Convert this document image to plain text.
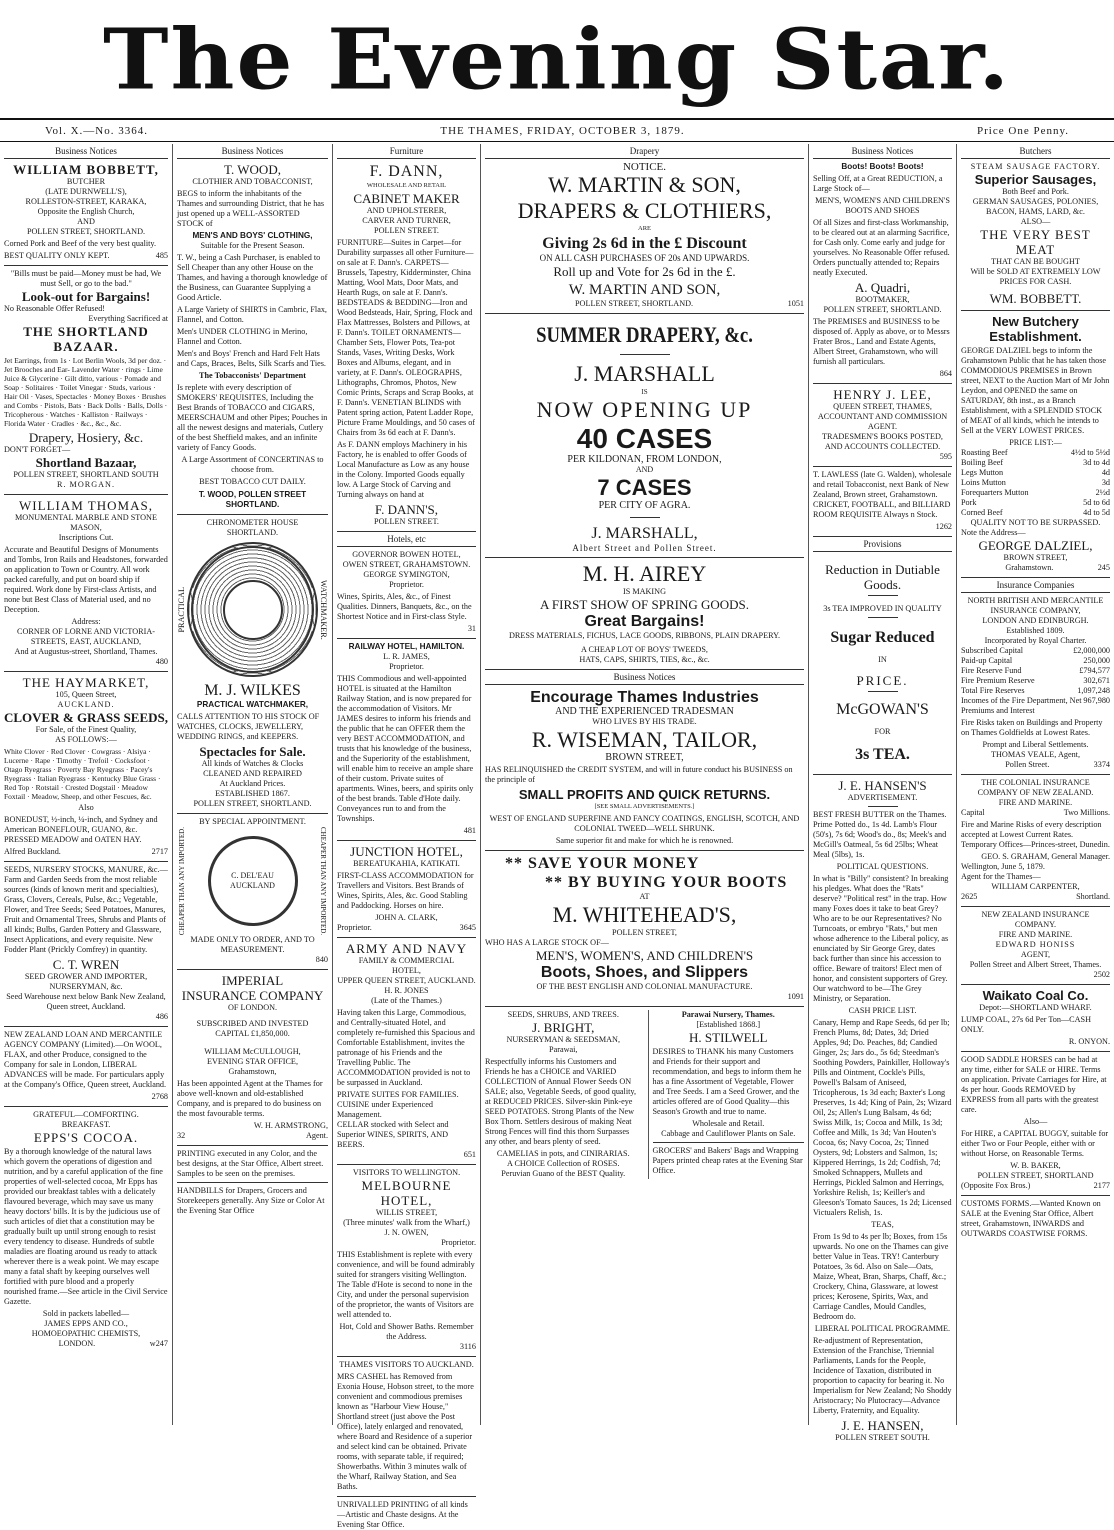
The Evening Star.
Vol. X.—No. 3364.	THE THAMES, FRIDAY, OCTOBER 3, 1879.	Price One Penny.
Business Notices
WILLIAM BOBBETT,
BUTCHER
(LATE DURNWELL'S),
ROLLESTON-STREET, KARAKA,
Opposite the English Church,
AND
POLLEN STREET, SHORTLAND.
Corned Pork and Beef of the very best quality.
BEST QUALITY ONLY KEPT.	485
"Bills must be paid—Money must be had, We must Sell, or go to the bad."
Look-out for Bargains!
No Reasonable Offer Refused!
Everything Sacrificed at
THE SHORTLAND BAZAAR.
Jet Earrings, from 1s · Lot Berlin Wools, 3d per doz. · Jet Brooches and Ear- Lavender Water · rings · Lime Juice & Glycerine · Gilt ditto, various · Pomade and Soap · Solitaires · Toilet Vinegar · Studs, various · Hair Oil · Vases, Spectacles · Money Boxes · Brushes and Combs · Pistols, Bats · Back Dolls · Balls, Dolls · Tricopherous · Watches · Kalliston · Railways · Florida Water · Cradles · &c., &c., &c.
Drapery, Hosiery, &c.
DON'T FORGET—
Shortland Bazaar,
POLLEN STREET, SHORTLAND SOUTH
R. MORGAN.
WILLIAM THOMAS,
MONUMENTAL MARBLE AND STONE MASON,
Inscriptions Cut.
Accurate and Beautiful Designs of Monuments and Tombs, Iron Rails and Headstones, forwarded on application to Town or Country. All work packed carefully, and put on board ship if required. Work done by First-class Artists, and none but Best Class of Material used, and no Deception.
Address:
CORNER OF LORNE AND VICTORIA-STREETS, EAST, AUCKLAND,
And at Augustus-street, Shortland, Thames.
480
THE HAYMARKET,
105, Queen Street,
AUCKLAND.
CLOVER & GRASS SEEDS,
For Sale, of the Finest Quality,
AS FOLLOWS:—
White Clover · Red Clover · Cowgrass · Alsiya · Lucerne · Rape · Timothy · Trefoil · Cocksfoot · Otago Ryegrass · Poverty Bay Ryegrass · Pacey's Ryegrass · Italian Ryegrass · Kentucky Blue Grass · Red Top · Rotstail · Crested Dogstail · Meadow Foxtail · Meadow, Sheep, and other Fescues, &c.
Also
BONEDUST, ½-inch, ¼-inch, and Sydney and American BONEFLOUR, GUANO, &c. PRESSED MEADOW and OATEN HAY.
Alfred Buckland.	2717
SEEDS, NURSERY STOCKS, MANURE, &c.—Farm and Garden Seeds from the most reliable sources (kinds of known merit and specialties), Grass, Clovers, Cereals, Pulse, &c.; Vegetable, Flower, and Tree Seeds; Seed Potatoes, Manures, Fruit and Ornamental Trees, Shrubs and Plants of all kinds; Bulbs, Garden Pottery and Glassware, Insect Applications, and every requisite. New Fodder Plant (Prickly Comfrey) in quantity.
C. T. WREN
SEED GROWER AND IMPORTER, NURSERYMAN, &c.
Seed Warehouse next below Bank New Zealand, Queen street, Auckland.
486
NEW ZEALAND LOAN AND MERCANTILE AGENCY COMPANY (Limited).—On WOOL, FLAX, and other Produce, consigned to the Company for sale in London, LIBERAL ADVANCES will be made. For particulars apply at the Company's Office, Queen street, Auckland.
2768
GRATEFUL—COMFORTING.
BREAKFAST.
EPPS'S COCOA.
By a thorough knowledge of the natural laws which govern the operations of digestion and nutrition, and by a careful application of the fine properties of well-selected cocoa, Mr Epps has provided our breakfast tables with a delicately flavoured beverage, which may save us many heavy doctors' bills. It is by the judicious use of such articles of diet that a constitution may be gradually built up until strong enough to resist every tendency to disease. Hundreds of subtle maladies are floating around us ready to attack wherever there is a weak point. We may escape many a fatal shaft by keeping ourselves well fortified with pure blood and a properly nourished frame.—See article in the Civil Service Gazette.
Sold in packets labelled—
JAMES EPPS AND CO.,
HOMOEOPATHIC CHEMISTS,
LONDON.	w247
Business Notices
T. WOOD,
CLOTHIER AND TOBACCONIST,
BEGS to inform the inhabitants of the Thames and surrounding District, that he has just opened up a WELL-ASSORTED STOCK of
MEN'S AND BOYS' CLOTHING,
Suitable for the Present Season.
T. W., being a Cash Purchaser, is enabled to Sell Cheaper than any other House on the Thames, and having a thorough knowledge of the Business, can Guarantee Supplying a Good Article.
A Large Variety of SHIRTS in Cambric, Flax, Flannel, and Cotton.
Men's UNDER CLOTHING in Merino, Flannel and Cotton.
Men's and Boys' French and Hard Felt Hats and Caps, Braces, Belts, Silk Scarfs and Ties.
The Tobacconists' Department
Is replete with every description of SMOKERS' REQUISITES, Including the Best Brands of TOBACCO and CIGARS, MEERSCHAUM and other Pipes; Pouches in all the newest designs and materials, Cutlery of the best Sheffield makes, and an infinite variety of Fancy Goods.
A Large Assortment of CONCERTINAS to choose from.
BEST TOBACCO CUT DAILY.
T. WOOD, POLLEN STREET SHORTLAND.
CHRONOMETER HOUSE
SHORTLAND.
PRACTICAL	WATCHMAKER.
M. J. WILKES
PRACTICAL WATCHMAKER,
CALLS ATTENTION TO HIS STOCK OF WATCHES, CLOCKS, JEWELLERY, WEDDING RINGS, and KEEPERS.
Spectacles for Sale.
All kinds of Watches & Clocks
CLEANED AND REPAIRED
At Auckland Prices.
ESTABLISHED 1867.
POLLEN STREET, SHORTLAND.
BY SPECIAL APPOINTMENT.
CHEAPER THAN ANY IMPORTED.	C. DEL'EAU AUCKLAND	CHEAPER THAN ANY IMPORTED.
MADE ONLY TO ORDER, AND TO MEASUREMENT.
840
IMPERIAL
INSURANCE COMPANY
OF LONDON.
SUBSCRIBED AND INVESTED
CAPITAL £1,850,000.
WILLIAM McCULLOUGH,
EVENING STAR OFFICE,
Grahamstown,
Has been appointed Agent at the Thames for above well-known and old-established Company, and is prepared to do business on the most favourable terms.
W. H. ARMSTRONG,
32	Agent.
PRINTING executed in any Color, and the best designs, at the Star Office, Albert street. Samples to be seen on the premises.
HANDBILLS for Drapers, Grocers and Storekeepers generally. Any Size or Color At the Evening Star Office
Furniture
F. DANN,
WHOLESALE AND RETAIL
CABINET MAKER
AND UPHOLSTERER,
CARVER AND TURNER,
POLLEN STREET.
FURNITURE—Suites in Carpet—for Durability surpasses all other Furniture—on sale at F. Dann's. CARPETS—Brussels, Tapestry, Kidderminster, China Matting, Wool Mats, Door Mats, and Hearth Rugs, on sale at F. Dann's. BEDSTEADS & BEDDING—Iron and Wood Bedsteads, Hair, Spring, Flock and Flax Mattresses, Bolsters and Pillows, at F. Dann's. TOILET ORNAMENTS—Chamber Sets, Flower Pots, Tea-pot Stands, Vases, Writing Desks, Work Boxes and Albums, elegant, and in variety, at F. Dann's. OLEOGRAPHS, Lithographs, Chromos, Photos, New Comic Prints, Scraps and Scrap Books, at F. Dann's. VENETIAN BLINDS with Patent spring action, Patent Ladder Rope, Picture Frame Mouldings, and 50 cases of Chairs from 3s 6d each at F. Dann's.
As F. DANN employs Machinery in his Factory, he is enabled to offer Goods of Local Manufacture as Low as any house in the Colony. Imported Goods equally low. A Large Stock of Carving and Turning always on hand at
F. DANN'S,
POLLEN STREET.
Hotels, etc
GOVERNOR BOWEN HOTEL,
OWEN STREET, GRAHAMSTOWN.
GEORGE SYMINGTON,
Proprietor.
Wines, Spirits, Ales, &c., of Finest Qualities. Dinners, Banquets, &c., on the Shortest Notice and in First-class Style.
31
RAILWAY HOTEL, HAMILTON.
L. R. JAMES,
Proprietor.
THIS Commodious and well-appointed HOTEL is situated at the Hamilton Railway Station, and is now prepared for the accommodation of Visitors. Mr JAMES desires to inform his friends and the public that he can OFFER them the very BEST ACCOMMODATION, and trusts that his knowledge of the business, and the Superiority of the establishment, will enable him to receive an ample share of their custom. Private suites of apartments. Wines, beers, and spirits only of the best brands. Table d'Hote daily. Conveyances run to and from the Townships.
481
JUNCTION HOTEL,
BEREATUKAHIA, KATIKATI.
FIRST-CLASS ACCOMMODATION for Travellers and Visitors. Best Brands of Wines, Spirits, Ales, &c. Good Stabling and Paddocking. Horses on hire.
JOHN A. CLARK,
Proprietor.	3645
ARMY AND NAVY
FAMILY & COMMERCIAL
HOTEL,
UPPER QUEEN STREET, AUCKLAND.
H. R. JONES
(Late of the Thames.)
Having taken this Large, Commodious, and Centrally-situated Hotel, and completely re-furnished this Spacious and Comfortable Establishment, invites the patronage of his Friends and the Travelling Public. The ACCOMMODATION provided is not to be surpassed in Auckland.
PRIVATE SUITES FOR FAMILIES.
CUISINE under Experienced Management.
CELLAR stocked with Select and Superior WINES, SPIRITS, AND BEERS.
651
VISITORS TO WELLINGTON.
MELBOURNE HOTEL,
WILLIS STREET,
(Three minutes' walk from the Wharf,)
J. N. OWEN,
Proprietor.
THIS Establishment is replete with every convenience, and will be found admirably suited for strangers visiting Wellington. The Table d'Hote is second to none in the City, and under the personal supervision of the proprietor, the wants of Visitors are well attended to.
Hot, Cold and Shower Baths. Remember the Address.
3116
THAMES VISITORS TO AUCKLAND.
MRS CASHEL has Removed from Exonia House, Hobson street, to the more convenient and commodious premises known as "Harbour View House," Shortland street (just above the Post Office), lately enlarged and renovated, where Board and Residence of a superior and select kind can be obtained. Private rooms, with separate table, if required; Showerbaths. Within 3 minutes walk of the Wharf, Railway Station, and Sea Baths.
UNRIVALLED PRINTING of all kinds—Artistic and Chaste designs. At the Evening Star Office.
Drapery
NOTICE.
W. MARTIN & SON,
DRAPERS & CLOTHIERS,
ARE
Giving 2s 6d in the £ Discount
ON ALL CASH PURCHASES OF 20s AND UPWARDS.
Roll up and Vote for 2s 6d in the £.
W. MARTIN AND SON,
POLLEN STREET, SHORTLAND.	1051
SUMMER DRAPERY, &c.
J. MARSHALL
IS
NOW OPENING UP
40 CASES
PER KILDONAN, FROM LONDON,
AND
7 CASES
PER CITY OF AGRA.
J. MARSHALL,
Albert Street and Pollen Street.
M. H. AIREY
IS MAKING
A FIRST SHOW OF SPRING GOODS.
Great Bargains!
DRESS MATERIALS, FICHUS, LACE GOODS, RIBBONS, PLAIN DRAPERY.
A CHEAP LOT OF BOYS' TWEEDS,
HATS, CAPS, SHIRTS, TIES, &c., &c.
Business Notices
Encourage Thames Industries
AND THE EXPERIENCED TRADESMAN
WHO LIVES BY HIS TRADE.
R. WISEMAN, TAILOR,
BROWN STREET,
HAS RELINQUISHED the CREDIT SYSTEM, and will in future conduct his BUSINESS on the principle of
SMALL PROFITS AND QUICK RETURNS.
[SEE SMALL ADVERTISEMENTS.]
WEST OF ENGLAND SUPERFINE AND FANCY COATINGS, ENGLISH, SCOTCH, AND COLONIAL TWEED—WELL SHRUNK.
Same superior fit and make for which he is renowned.
** SAVE YOUR MONEY
** BY BUYING YOUR BOOTS
AT
M. WHITEHEAD'S,
POLLEN STREET,
WHO HAS A LARGE STOCK OF—
MEN'S, WOMEN'S, AND CHILDREN'S
Boots, Shoes, and Slippers
OF THE BEST ENGLISH AND COLONIAL MANUFACTURE.
1091
SEEDS, SHRUBS, AND TREES.
J. BRIGHT,
NURSERYMAN & SEEDSMAN,
Parawai,
Respectfully informs his Customers and Friends he has a CHOICE and VARIED COLLECTION of Annual Flower Seeds ON SALE; also, Vegetable Seeds, of good quality, at REDUCED PRICES. Silver-skin Pink-eye SEED POTATOES. Strong Plants of the New Box Thorn. Settlers desirous of making Neat Strong Fences will find this thorn Surpasses any other, and bears plenty of seed.
CAMELIAS in pots, and CINIRARIAS.
A CHOICE Collection of ROSES.
Peruvian Guano of the BEST Quality.
Parawai Nursery, Thames.
[Established 1868.]
H. STILWELL
DESIRES to THANK his many Customers and Friends for their support and recommendation, and begs to inform them he has a fine Assortment of Vegetable, Flower and Tree Seeds. I am a Seed Grower, and the articles offered are of Good Quality—this Season's Growth and true to name.
Wholesale and Retail.
Cabbage and Cauliflower Plants on Sale.
GROCERS' and Bakers' Bags and Wrapping Papers printed cheap rates at the Evening Star Office.
Business Notices
Boots! Boots! Boots!
Selling Off, at a Great REDUCTION, a Large Stock of—
MEN'S, WOMEN'S AND CHILDREN'S BOOTS AND SHOES
Of all Sizes and first-class Workmanship, to be cleared out at an alarming Sacrifice, for Cash only. Come early and judge for yourselves. No Reasonable Offer refused. Orders punctually attended to; Repairs neatly Executed.
A. Quadri,
BOOTMAKER,
POLLEN STREET, SHORTLAND.
The PREMISES and BUSINESS to be disposed of. Apply as above, or to Messrs Frater Bros., Land and Estate Agents, Albert Street, Grahamstown, who will furnish all particulars.
864
HENRY J. LEE,
QUEEN STREET, THAMES,
ACCOUNTANT AND COMMISSION AGENT.
TRADESMEN'S BOOKS POSTED, AND ACCOUNTS COLLECTED.
595
T. LAWLESS (late G. Walden), wholesale and retail Tobacconist, next Bank of New Zealand, Brown street, Grahamstown. CRICKET, FOOTBALL, and BILLIARD ROOM REQUISITE Always n Stock.
1262
Provisions
Reduction in Dutiable
Goods.
3s TEA IMPROVED IN QUALITY
Sugar Reduced
IN
PRICE.
McGOWAN'S
FOR
3s TEA.
J. E. HANSEN'S
ADVERTISEMENT.
BEST FRESH BUTTER on the Thames. Prime Potted do., 1s 4d. Lamb's Flour (50's), 7s 6d; Wood's do., 8s; Meek's and McGill's Oatmeal, 5s 6d 25lbs; Wheat Meal (5lbs), 1s.
POLITICAL QUESTIONS.
In what is "Billy" consistent? In breaking his pledges. What does the "Rats" deserve? "Political rest" in the trap. How many Foxes does it take to beat Grey? Who are to be our Representatives? No Turncoats, or embryo "Rats," but men whose adherence to the Liberal policy, as enunciated by Sir George Grey, dates back further than since his accession to office. Beware of traitors! Elect men of honor, and consistent supporters of Grey. Our watchword to be—The Grey Ministry, or Separation.
CASH PRICE LIST.
Canary, Hemp and Rape Seeds, 6d per lb; French Plums, 8d; Dates, 3d; Dried Apples, 9d; Do. Peaches, 8d; Candied Ginger, 2s; Jars do., 5s 6d; Steedman's Soothing Powders, Painkiller, Holloway's Pills and Ointment, Cockle's Pills, Powell's Balsam of Aniseed, Tricopherous, 1s 3d each; Baxter's Long Preserves, 1s 4d; King of Pain, 2s; Wizard Oil, 2s; Allen's Lung Balsam, 4s 6d; Swiss Milk, 1s; Cocoa and Milk, 1s 3d; Coffee and Milk, 1s 3d; Van Houten's Cocoa, 6s; Navy Cocoa, 2s; Tinned Oysters, 9d; Lobsters and Salmon, 1s; Kippered Herrings, 1s 2d; Codfish, 7d; Smoked Schnappers, Mullets and Herrings, Pickled Salmon and Herrings, Yorkshire Relish, 1s; Keiller's and Gleeson's Tomato Sauces, 1s 2d; Licensed Victualers Relish, 1s.
TEAS,
From 1s 9d to 4s per lb; Boxes, from 15s upwards. No one on the Thames can give better Value in Teas. TRY! Canterbury Potatoes, 3s 6d. Also on Sale—Oats, Maize, Wheat, Bran, Sharps, Chaff, &c.; Crockery, China, Glassware, at lowest prices; Kerosene, Spirits, Wax, and Carriage Candles, Mould Candles, Bedroom do.
LIBERAL POLITICAL PROGRAMME.
Re-adjustment of Representation, Extension of the Franchise, Triennial Parliaments, Lands for the People, Incidence of Taxation, distributed in proportion to capacity for bearing it. No Imperialism for New Zealand; No Shoddy Aristocracy; No Plutocracy—Advance Liberty, Fraternity, and Equality.
J. E. HANSEN,
POLLEN STREET SOUTH.
Butchers
STEAM SAUSAGE FACTORY.
Superior Sausages,
Both Beef and Pork.
GERMAN SAUSAGES, POLONIES,
BACON, HAMS, LARD, &c.
ALSO—
THE VERY BEST MEAT
THAT CAN BE BOUGHT
Will be SOLD AT EXTREMELY LOW
PRICES FOR CASH.
WM. BOBBETT.
New Butchery Establishment.
GEORGE DALZIEL begs to inform the Grahamstown Public that he has taken those COMMODIOUS PREMISES in Brown street, NEXT to the Auction Mart of Mr John Leydon, and OPENED the same on SATURDAY, 8th inst., as a Branch Establishment, with a SPLENDID STOCK of MEAT of all kinds, which he intends to Sell at the VERY LOWEST PRICES.
PRICE LIST:—
Roasting Beef	4½d to 5½d
Boiling Beef	3d to 4d
Legs Mutton	4d
Loins Mutton	3d
Forequarters Mutton	2½d
Pork	5d to 6d
Corned Beef	4d to 5d
QUALITY NOT TO BE SURPASSED.
Note the Address—
GEORGE DALZIEL,
BROWN STREET,
Grahamstown.	245
Insurance Companies
NORTH BRITISH AND MERCANTILE INSURANCE COMPANY,
LONDON AND EDINBURGH.
Established 1809.
Incorporated by Royal Charter.
Subscribed Capital	£2,000,000
Paid-up Capital	250,000
Fire Reserve Fund	£794,577
Fire Premium Reserve	302,671
Total Fire Reserves	1,097,248
Incomes of the Fire Department, Net Premiums and Interest
967,980
Fire Risks taken on Buildings and Property on Thames Goldfields at Lowest Rates.
Prompt and Liberal Settlements.
THOMAS VEALE, Agent,
Pollen Street.	3374
THE COLONIAL INSURANCE COMPANY OF NEW ZEALAND.
FIRE AND MARINE.
Capital	Two Millions.
Fire and Marine Risks of every description accepted at Lowest Current Rates. Temporary Offices—Princes-street, Dunedin.
GEO. S. GRAHAM, General Manager.
Wellington, June 5, 1879.
Agent for the Thames—
WILLIAM CARPENTER,
2625	Shortland.
NEW ZEALAND INSURANCE COMPANY.
FIRE AND MARINE.
EDWARD HONISS
AGENT,
Pollen Street and Albert Street, Thames.
2502
Waikato Coal Co.
Depot:—SHORTLAND WHARF.
LUMP COAL, 27s 6d Per Ton—CASH ONLY.
R. ONYON.
GOOD SADDLE HORSES can be had at any time, either for SALE or HIRE. Terms on application. Private Carriages for Hire, at 4s per hour. Goods REMOVED by EXPRESS from all parts with the greatest care.
Also—
For HIRE, a CAPITAL BUGGY, suitable for either Two or Four People, either with or without Horse, on Reasonable Terms.
W. B. BAKER,
POLLEN STREET, SHORTLAND
(Opposite Fox Bros.)	2177
CUSTOMS FORMS.—Wanted Known on SALE at the Evening Star Office, Albert street, Grahamstown, INWARDS and OUTWARDS COASTWISE FORMS.
